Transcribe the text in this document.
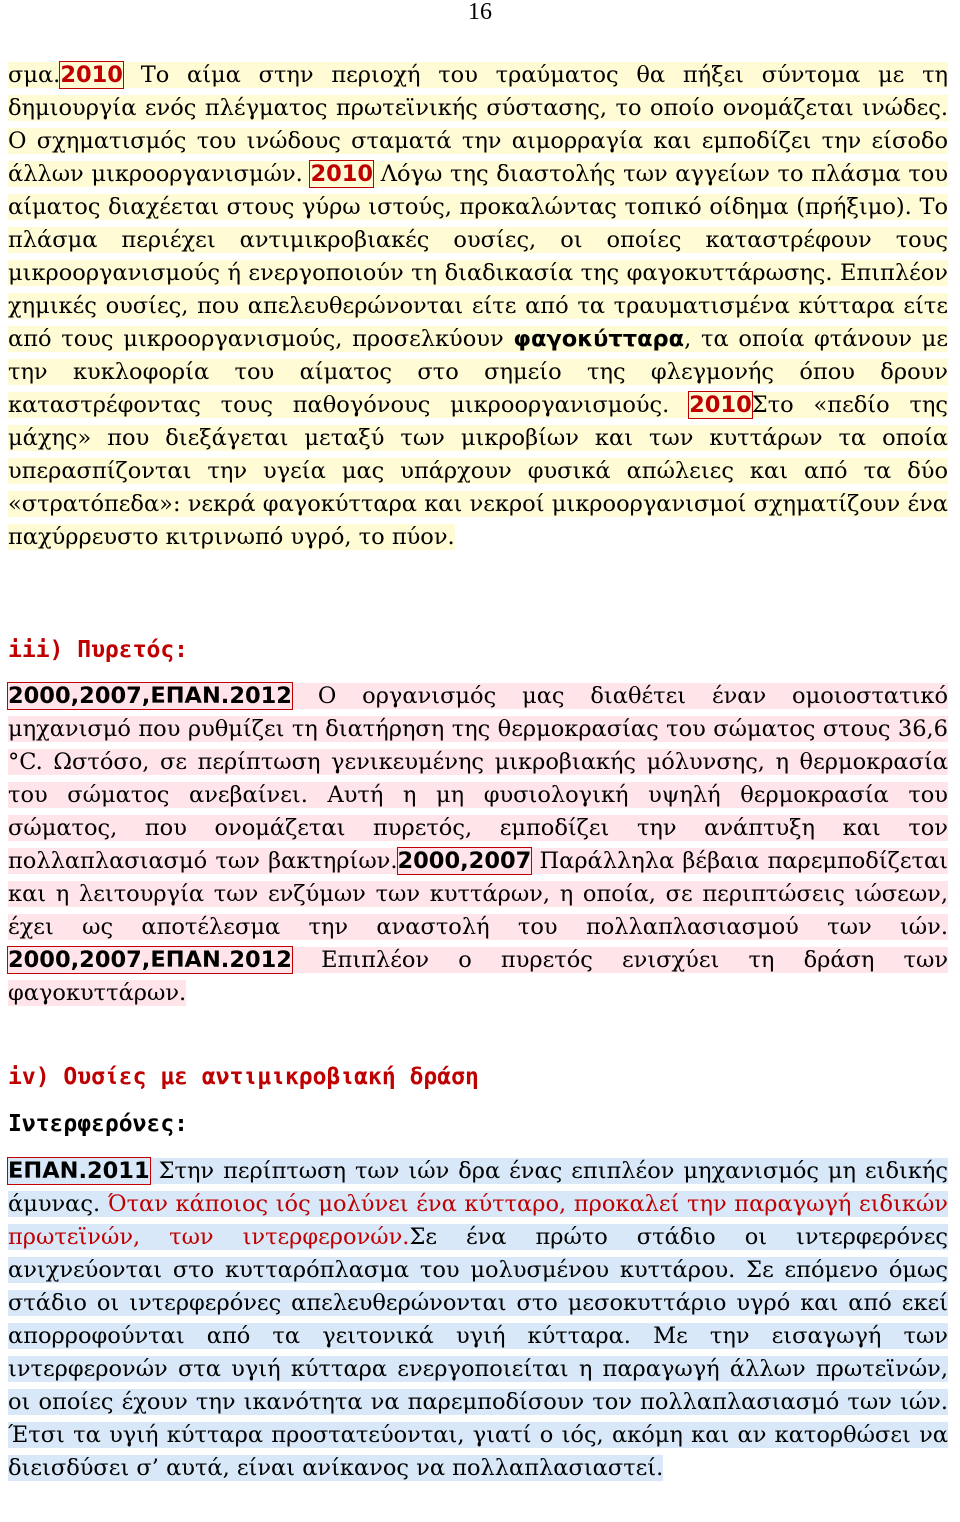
16
σμα.2010 Το αίμα στην περιοχή του τραύματος θα πήξει σύντομα με τη δημιουργία ενός πλέγματος πρωτεϊνικής σύστασης, το οποίο ονομάζεται ινώδες. Ο σχηματισμός του ινώδους σταματά την αιμορραγία και εμποδίζει την είσοδο άλλων μικροοργανισμών. 2010 Λόγω της διαστολής των αγγείων το πλάσμα του αίματος διαχέεται στους γύρω ιστούς, προκαλώντας τοπικό οίδημα (πρήξιμο). Το πλάσμα περιέχει αντιμικροβιακές ουσίες, οι οποίες καταστρέφουν τους μικροοργανισμούς ή ενεργοποιούν τη διαδικασία της φαγοκυττάρωσης. Επιπλέον χημικές ουσίες, που απελευθερώνονται είτε από τα τραυματισμένα κύτταρα είτε από τους μικροοργανισμούς, προσελκύουν φαγοκύτταρα, τα οποία φτάνουν με την κυκλοφορία του αίματος στο σημείο της φλεγμονής όπου δρουν καταστρέφοντας τους παθογόνους μικροοργανισμούς. 2010Στο «πεδίο της μάχης» που διεξάγεται μεταξύ των μικροβίων και των κυττάρων τα οποία υπερασπίζονται την υγεία μας υπάρχουν φυσικά απώλειες και από τα δύο «στρατόπεδα»: νεκρά φαγοκύτταρα και νεκροί μικροοργανισμοί σχηματίζουν ένα παχύρρευστο κιτρινωπό υγρό, το πύον.
iii) Πυρετός:
2000,2007,ΕΠΑΝ.2012 Ο οργανισμός μας διαθέτει έναν ομοιοστατικό μηχανισμό που ρυθμίζει τη διατήρηση της θερμοκρασίας του σώματος στους 36,6 °C. Ωστόσο, σε περίπτωση γενικευμένης μικροβιακής μόλυνσης, η θερμοκρασία του σώματος ανεβαίνει. Αυτή η μη φυσιολογική υψηλή θερμοκρασία του σώματος, που ονομάζεται πυρετός, εμποδίζει την ανάπτυξη και τον πολλαπλασιασμό των βακτηρίων.2000,2007 Παράλληλα βέβαια παρεμποδίζεται και η λειτουργία των ενζύμων των κυττάρων, η οποία, σε περιπτώσεις ιώσεων, έχει ως αποτέλεσμα την αναστολή του πολλαπλασιασμού των ιών. 2000,2007,ΕΠΑΝ.2012 Επιπλέον ο πυρετός ενισχύει τη δράση των φαγοκυττάρων.
iv) Ουσίες με αντιμικροβιακή δράση
Ιντερφερόνες:
ΕΠΑΝ.2011 Στην περίπτωση των ιών δρα ένας επιπλέον μηχανισμός μη ειδικής άμυνας. Όταν κάποιος ιός μολύνει ένα κύτταρο, προκαλεί την παραγωγή ειδικών πρωτεϊνών, των ιντερφερονών.Σε ένα πρώτο στάδιο οι ιντερφερόνες ανιχνεύονται στο κυτταρόπλασμα του μολυσμένου κυττάρου. Σε επόμενο όμως στάδιο οι ιντερφερόνες απελευθερώνονται στο μεσοκυττάριο υγρό και από εκεί απορροφούνται από τα γειτονικά υγιή κύτταρα. Με την εισαγωγή των ιντερφερονών στα υγιή κύτταρα ενεργοποιείται η παραγωγή άλλων πρωτεϊνών, οι οποίες έχουν την ικανότητα να παρεμποδίσουν τον πολλαπλασιασμό των ιών. Έτσι τα υγιή κύτταρα προστατεύονται, γιατί ο ιός, ακόμη και αν κατορθώσει να διεισδύσει σ’ αυτά, είναι ανίκανος να πολλαπλασιαστεί.
